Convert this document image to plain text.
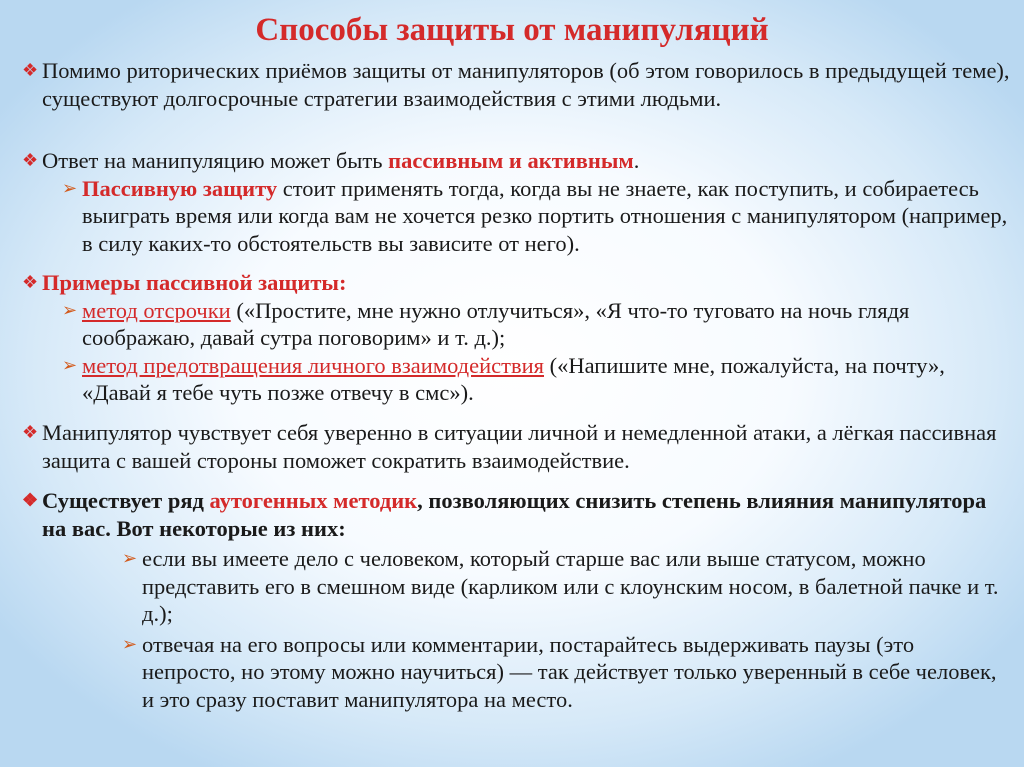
Способы защиты от манипуляций
❖ Помимо риторических приёмов защиты от манипуляторов (об этом говорилось в предыдущей теме), существуют долгосрочные стратегии взаимодействия с этими людьми.
❖ Ответ на манипуляцию может быть пассивным и активным.
➢ Пассивную защиту стоит применять тогда, когда вы не знаете, как поступить, и собираетесь выиграть время или когда вам не хочется резко портить отношения с манипулятором (например, в силу каких-то обстоятельств вы зависите от него).
❖ Примеры пассивной защиты:
➢ метод отсрочки («Простите, мне нужно отлучиться», «Я что-то туговато на ночь глядя соображаю, давай сутра поговорим» и т. д.);
➢ метод предотвращения личного взаимодействия («Напишите мне, пожалуйста, на почту», «Давай я тебе чуть позже отвечу в смс»).
❖ Манипулятор чувствует себя уверенно в ситуации личной и немедленной атаки, а лёгкая пассивная защита с вашей стороны поможет сократить взаимодействие.
❖ Существует ряд аутогенных методик, позволяющих снизить степень влияния манипулятора на вас. Вот некоторые из них:
➢ если вы имеете дело с человеком, который старше вас или выше статусом, можно представить его в смешном виде (карликом или с клоунским носом, в балетной пачке и т. д.);
➢ отвечая на его вопросы или комментарии, постарайтесь выдерживать паузы (это непросто, но этому можно научиться) — так действует только уверенный в себе человек, и это сразу поставит манипулятора на место.
